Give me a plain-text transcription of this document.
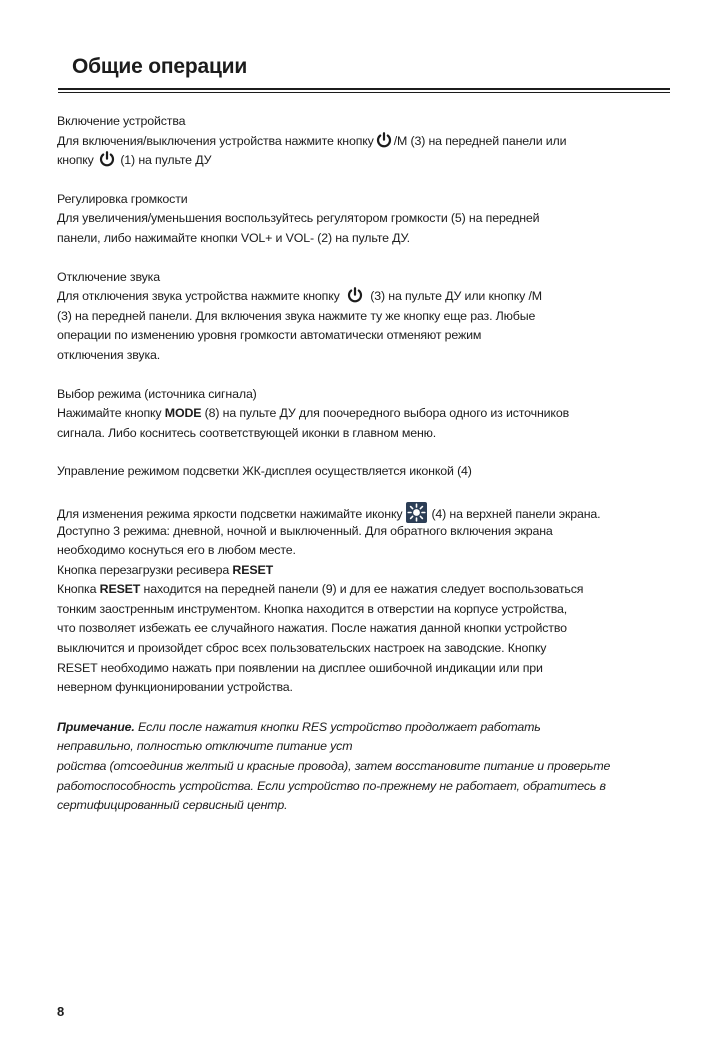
Общие операции
Включение устройства
Для включения/выключения устройства нажмите кнопку /M (3) на передней панели или
кнопку (1) на пульте ДУ
Регулировка громкости
Для увеличения/уменьшения воспользуйтесь регулятором громкости (5) на передней
панели, либо нажимайте кнопки VOL+ и VOL- (2) на пульте ДУ.
Отключение звука
Для отключения звука устройства нажмите кнопку (3) на пульте ДУ или кнопку /M
(3) на передней панели. Для включения звука нажмите ту же кнопку еще раз. Любые
операции по изменению уровня громкости автоматически отменяют режим
отключения звука.
Выбор режима (источника сигнала)
Нажимайте кнопку MODE (8) на пульте ДУ для поочередного выбора одного из источников
сигнала. Либо коснитесь соответствующей иконки в главном меню.
Управление режимом подсветки ЖК-дисплея осуществляется иконкой (4)
Для изменения режима яркости подсветки нажимайте иконку (4) на верхней панели экрана.
Доступно 3 режима: дневной, ночной и выключенный. Для обратного включения экрана
необходимо коснуться его в любом месте.
Кнопка перезагрузки ресивера RESET
Кнопка RESET находится на передней панели (9) и для ее нажатия следует воспользоваться
тонким заостренным инструментом. Кнопка находится в отверстии на корпусе устройства,
что позволяет избежать ее случайного нажатия. После нажатия данной кнопки устройство
выключится и произойдет сброс всех пользовательских настроек на заводские. Кнопку
RESET необходимо нажать при появлении на дисплее ошибочной индикации или при
неверном функционировании устройства.
Примечание. Если после нажатия кнопки RES устройство продолжает работать
неправильно, полностью отключите питание уст
ройства (отсоединив желтый и красные провода), затем восстановите питание и проверьте
работоспособность устройства. Если устройство по-прежнему не работает, обратитесь в
сертифицированный сервисный центр.
8
